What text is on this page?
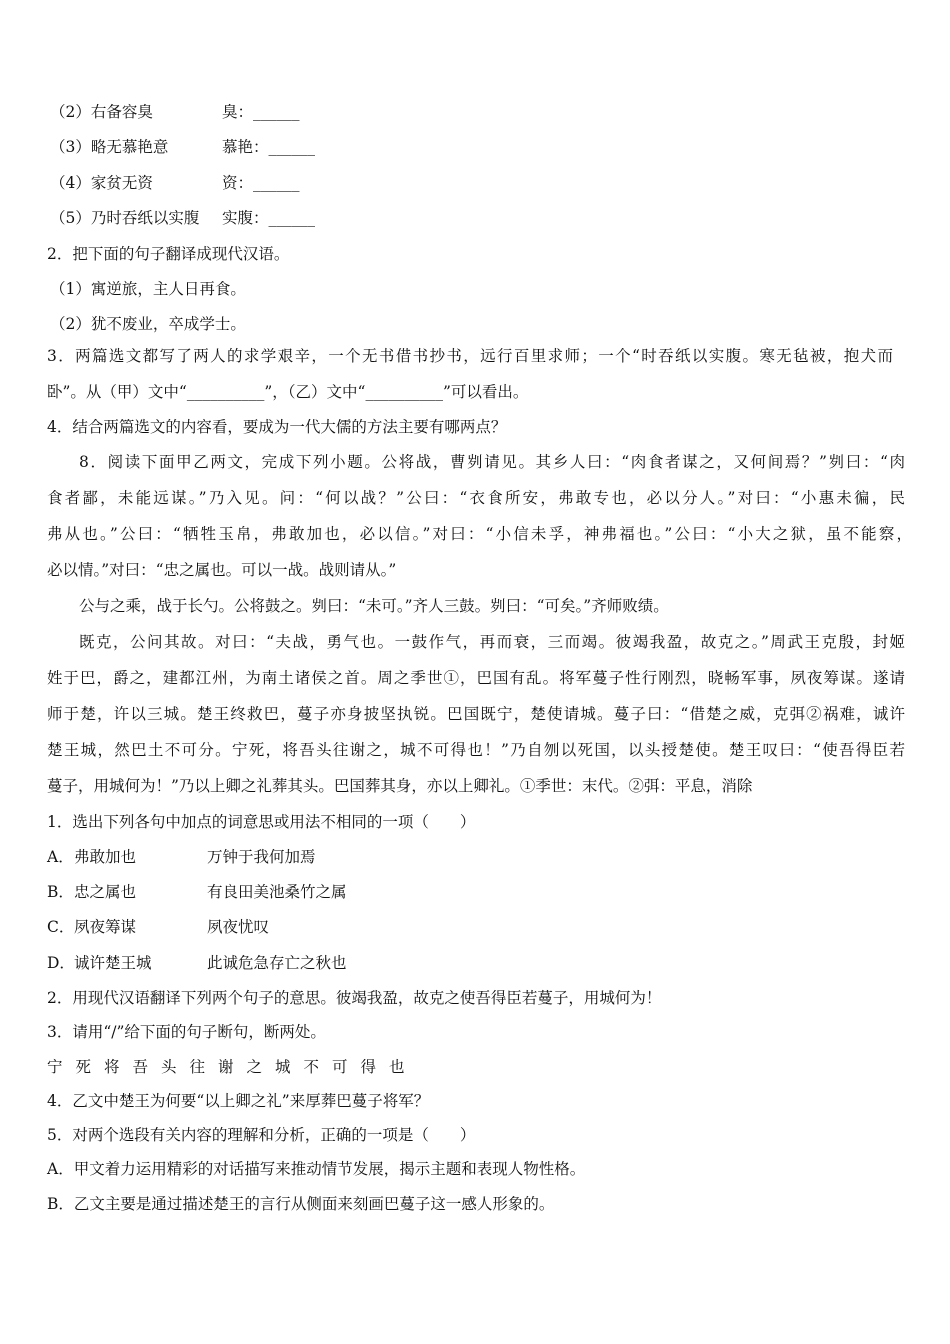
（2）右备容臭	臭：______
（3）略无慕艳意	慕艳：______
（4）家贫无资	资：______
（5）乃时吞纸以实腹 实腹：______
2．把下面的句子翻译成现代汉语。
（1）寓逆旅，主人日再食。
（2）犹不废业，卒成学士。
3．两篇选文都写了两人的求学艰辛，一个无书借书抄书，远行百里求师；一个“时吞纸以实腹。寒无毡被，抱犬而
卧”。从（甲）文中“__________”，（乙）文中“__________”可以看出。
4．结合两篇选文的内容看，要成为一代大儒的方法主要有哪两点？
8．阅读下面甲乙两文，完成下列小题。公将战，曹刿请见。其乡人曰：“肉食者谋之，又何间焉？”刿曰：“肉
食者鄙，未能远谋。”乃入见。问：“何以战？”公曰：“衣食所安，弗敢专也，必以分人。”对曰：“小惠未徧，民
弗从也。”公曰：“牺牲玉帛，弗敢加也，必以信。”对曰：“小信未孚，神弗福也。”公曰：“小大之狱，虽不能察，
必以情。”对曰：“忠之属也。可以一战。战则请从。”
公与之乘，战于长勺。公将鼓之。刿曰：“未可。”齐人三鼓。刿曰：“可矣。”齐师败绩。
既克，公问其故。对曰：“夫战，勇气也。一鼓作气，再而衰，三而竭。彼竭我盈，故克之。”周武王克殷，封姬
姓于巴，爵之，建都江州，为南土诸侯之首。周之季世①，巴国有乱。将军蔓子性行刚烈，晓畅军事，夙夜筹谋。遂请
师于楚，许以三城。楚王终救巴，蔓子亦身披坚执锐。巴国既宁，楚使请城。蔓子曰：“借楚之威，克弭②祸难，诚许
楚王城，然巴土不可分。宁死，将吾头往谢之，城不可得也！”乃自刎以死国，以头授楚使。楚王叹曰：“使吾得臣若
蔓子，用城何为！”乃以上卿之礼葬其头。巴国葬其身，亦以上卿礼。①季世：末代。②弭：平息，消除
1．选出下列各句中加点的词意思或用法不相同的一项（　　）
A． 弗敢加也	万钟于我何加焉
B． 忠之属也	有良田美池桑竹之属
C． 夙夜筹谋	夙夜忧叹
D． 诚许楚王城	此诚危急存亡之秋也
2．用现代汉语翻译下列两个句子的意思。彼竭我盈，故克之使吾得臣若蔓子，用城何为！
3．请用“/”给下面的句子断句，断两处。
宁死将吾头往谢之城不可得也
4．乙文中楚王为何要“以上卿之礼”来厚葬巴蔓子将军？
5．对两个选段有关内容的理解和分析，正确的一项是（　　）
A．甲文着力运用精彩的对话描写来推动情节发展，揭示主题和表现人物性格。
B．乙文主要是通过描述楚王的言行从侧面来刻画巴蔓子这一感人形象的。
